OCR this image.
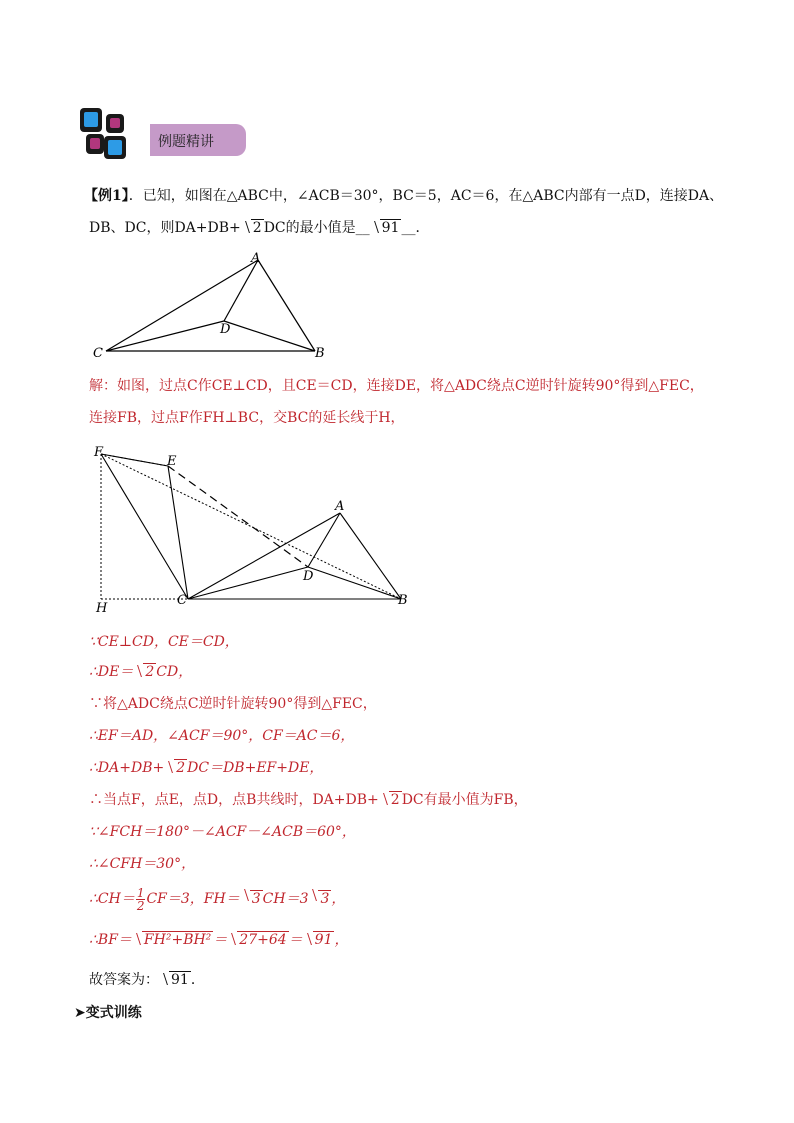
例题精讲
【例1】．已知，如图在△ABC中，∠ACB＝30°，BC＝5，AC＝6，在△ABC内部有一点D，连接DA、
DB、DC，则DA+DB+ 2 DC的最小值是__ 91 __．
A
D
C	B
解：如图，过点C作CE⊥CD，且CE＝CD，连接DE，将△ADC绕点C逆时针旋转90°得到△FEC，
连接FB，过点F作FH⊥BC，交BC的延长线于H，
F
E
A
D
H
C	B
∵CE⊥CD，CE＝CD，
∴DE＝ 2 CD，
∵将△ADC绕点C逆时针旋转90°得到△FEC，
∴EF＝AD，∠ACF＝90°，CF＝AC＝6，
∴DA+DB+ 2 DC＝DB+EF+DE，
∴当点F，点E，点D，点B共线时，DA+DB+ 2 DC有最小值为FB，
∵∠FCH＝180°－∠ACF－∠ACB＝60°，
∴∠CFH＝30°，
∴CH＝ $\frac{1}{2} CF=3$，FH＝ 3 CH＝3 3 ，
∴BF＝ FH²+BH² ＝ 27+64 ＝ 91 ，
故答案为： 91 ．
➤变式训练
